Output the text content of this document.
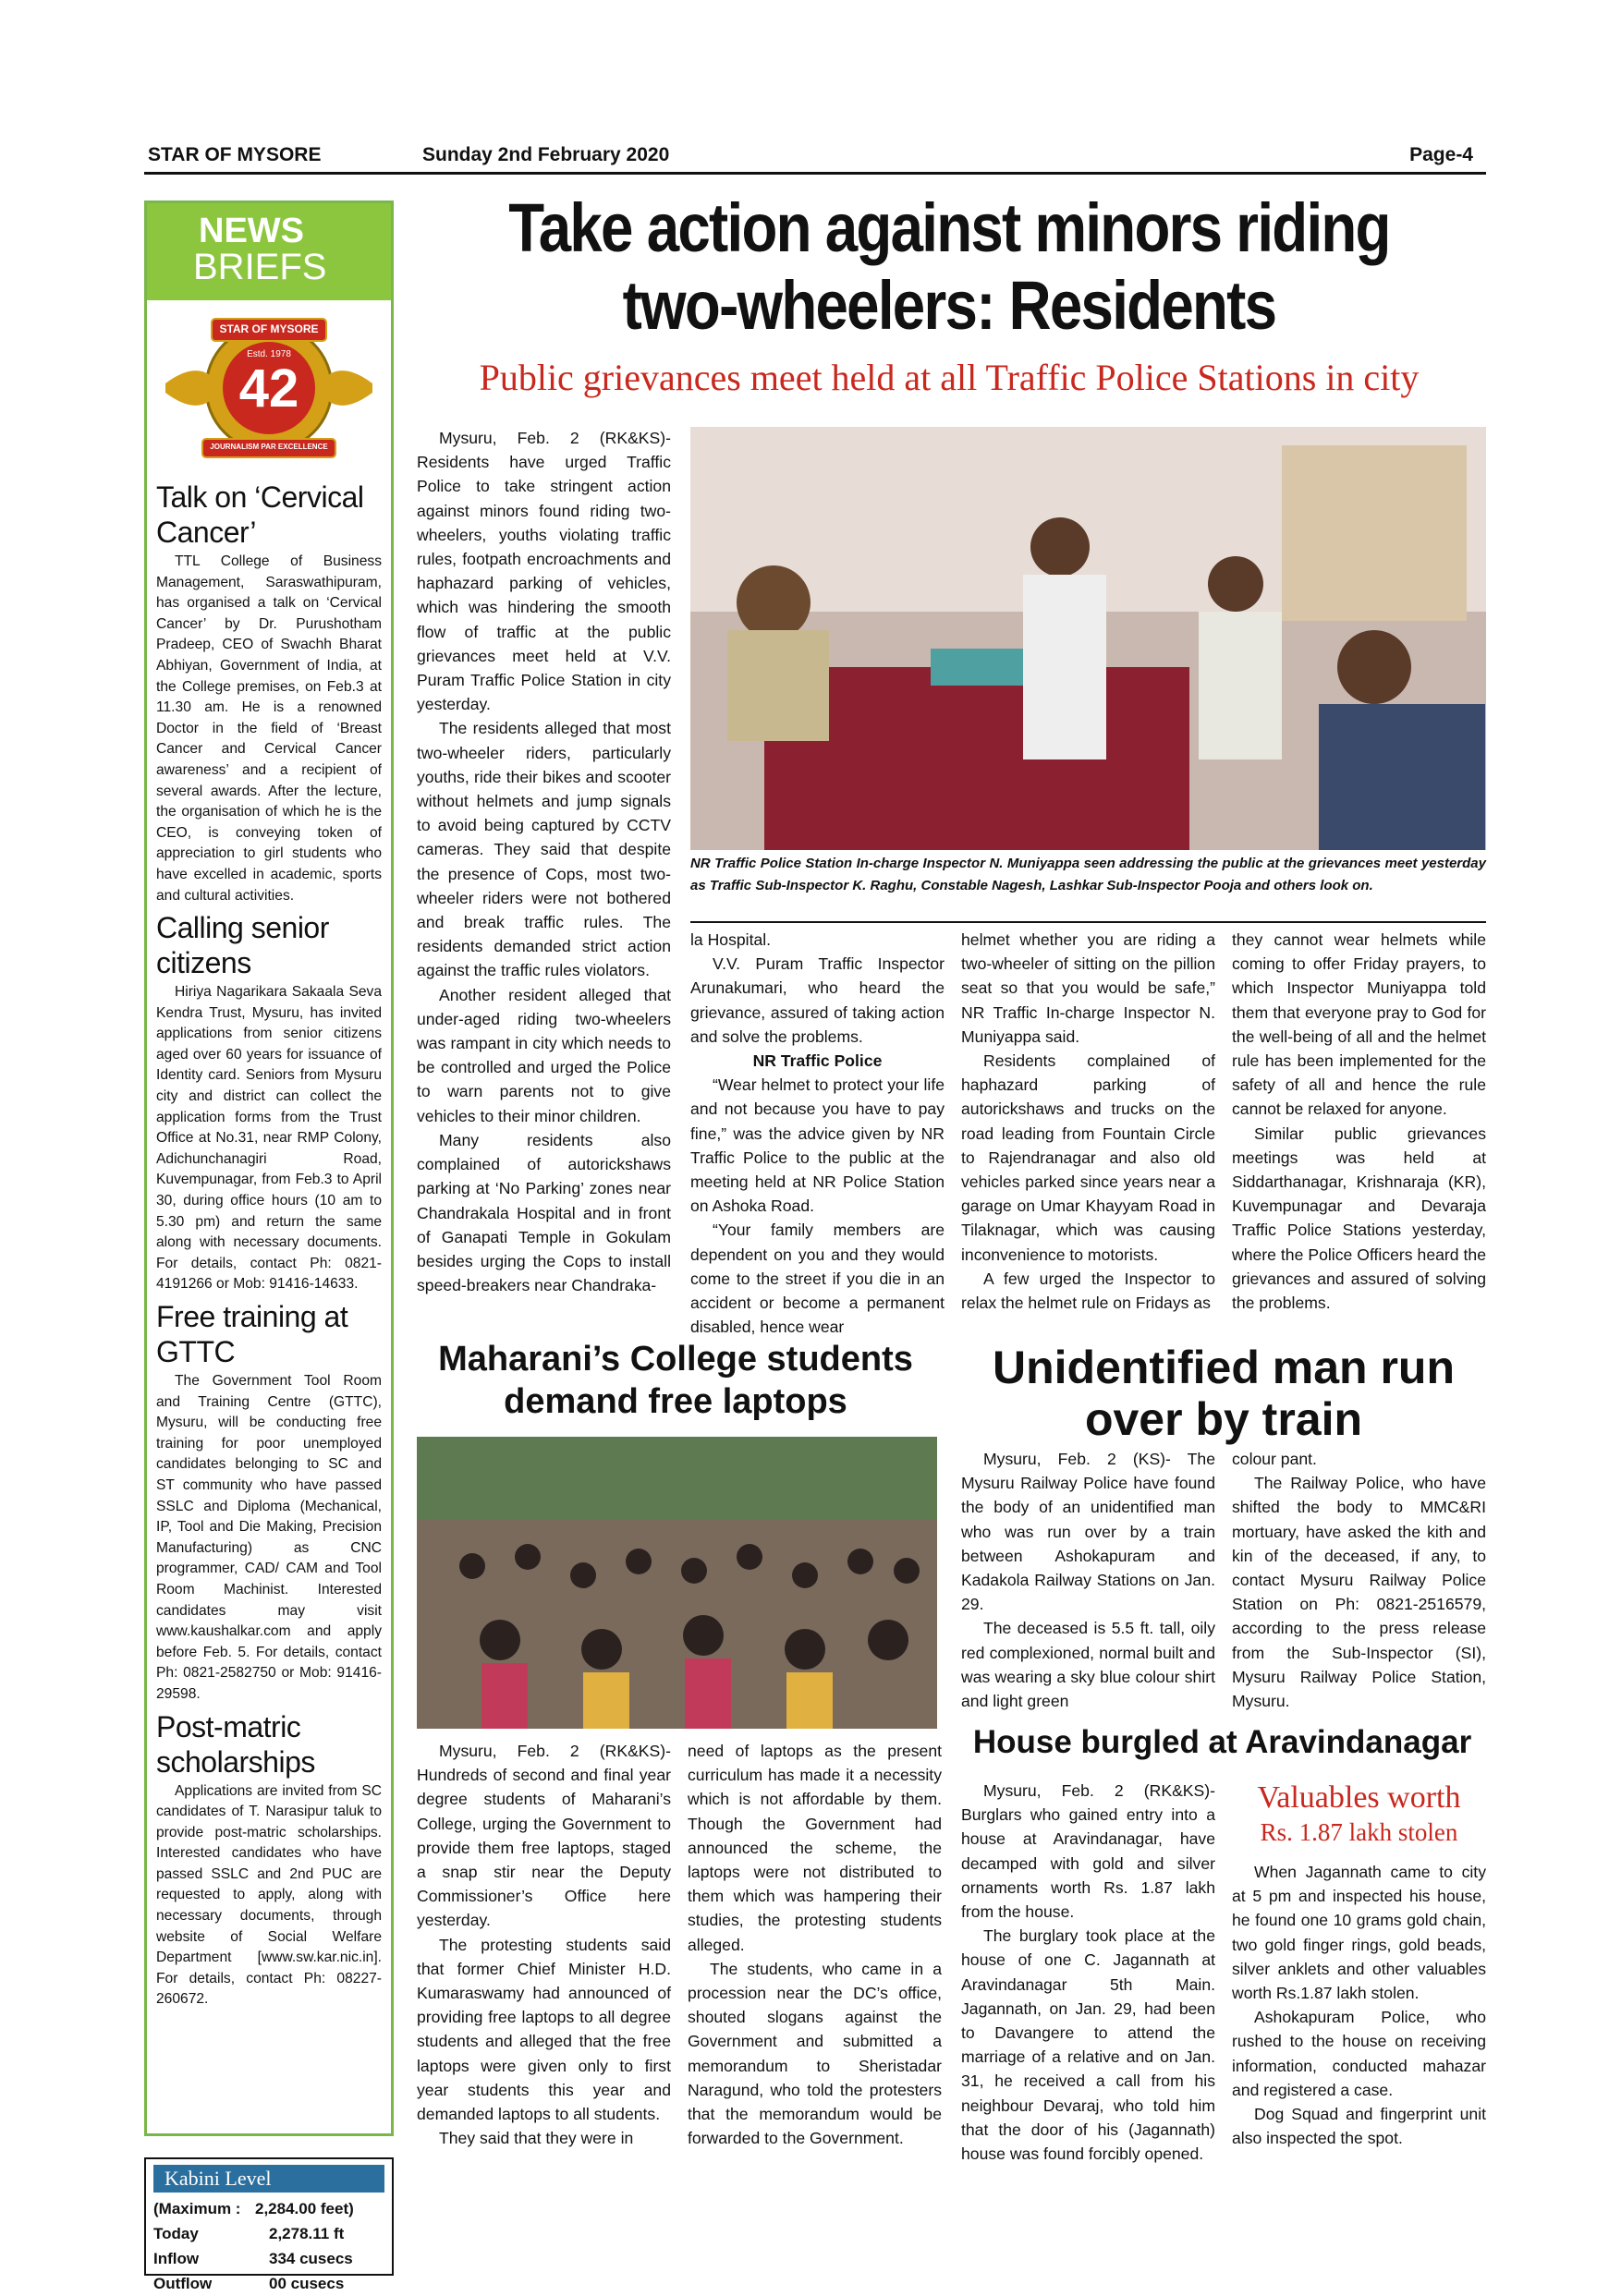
STAR OF MYSORE	Sunday 2nd February 2020	Page-4
NEWS
BRIEFS
STAR OF MYSORE
Estd. 1978
42
JOURNALISM PAR EXCELLENCE
Talk on ‘Cervical Cancer’

TTL College of Business Management, Saraswathipuram, has organised a talk on ‘Cervical Cancer’ by Dr. Purushotham Pradeep, CEO of Swachh Bharat Abhiyan, Government of India, at the College premises, on Feb.3 at 11.30 am. He is a renowned Doctor in the field of ‘Breast Cancer and Cervical Cancer awareness’ and a recipient of several awards. After the lecture, the organisation of which he is the CEO, is conveying token of appreciation to girl students who have excelled in academic, sports and cultural activities.

Calling senior citizens

Hiriya Nagarikara Sakaala Seva Kendra Trust, Mysuru, has invited applications from senior citizens aged over 60 years for issuance of Identity card. Seniors from Mysuru city and district can collect the application forms from the Trust Office at No.31, near RMP Colony, Adichunchanagiri Road, Kuvempunagar, from Feb.3 to April 30, during office hours (10 am to 5.30 pm) and return the same along with necessary documents. For details, contact Ph: 0821-4191266 or Mob: 91416-14633.

Free training at GTTC

The Government Tool Room and Training Centre (GTTC), Mysuru, will be conducting free training for poor unemployed candidates belonging to SC and ST community who have passed SSLC and Diploma (Mechanical, IP, Tool and Die Making, Precision Manufacturing) as CNC programmer, CAD/ CAM and Tool Room Machinist. Interested candidates may visit www.kaushalkar.com and apply before Feb. 5. For details, contact Ph: 0821-2582750 or Mob: 91416-29598.

Post-matric scholarships

Applications are invited from SC candidates of T. Narasipur taluk to provide post-matric scholarships. Interested candidates who have passed SSLC and 2nd PUC are requested to apply, along with necessary documents, through website of Social Welfare Department [www.sw.kar.nic.in]. For details, contact Ph: 08227-260672.

Kabini Level
(Maximum : 2,284.00 feet)
Today	2,278.11 ft
Inflow	334 cusecs
Outflow	00 cusecs
Take action against minors riding
two-wheelers: Residents
Public grievances meet held at all Traffic Police Stations in city
NR Traffic Police Station In-charge Inspector N. Muniyappa seen addressing the public at the grievances meet yesterday as Traffic Sub-Inspector K. Raghu, Constable Nagesh, Lashkar Sub-Inspector Pooja and others look on.

Mysuru, Feb. 2 (RK&KS)- Residents have urged Traffic Police to take stringent action against minors found riding two-wheelers, youths violating traffic rules, footpath encroachments and haphazard parking of vehicles, which was hindering the smooth flow of traffic at the public grievances meet held at V.V. Puram Traffic Police Station in city yesterday.

The residents alleged that most two-wheeler riders, particularly youths, ride their bikes and scooter without helmets and jump signals to avoid being captured by CCTV cameras. They said that despite the presence of Cops, most two-wheeler riders were not bothered and break traffic rules. The residents demanded strict action against the traffic rules violators.

Another resident alleged that under-aged riding two-wheelers was rampant in city which needs to be controlled and urged the Police to warn parents not to give vehicles to their minor children.

Many residents also complained of autorickshaws parking at ‘No Parking’ zones near Chandrakala Hospital and in front of Ganapati Temple in Gokulam besides urging the Cops to install speed-breakers near Chandraka-

la Hospital.

V.V. Puram Traffic Inspector Arunakumari, who heard the grievance, assured of taking action and solve the problems.

NR Traffic Police

“Wear helmet to protect your life and not because you have to pay fine,” was the advice given by NR Traffic Police to the public at the meeting held at NR Police Station on Ashoka Road.

“Your family members are dependent on you and they would come to the street if you die in an accident or become a permanent disabled, hence wear

helmet whether you are riding a two-wheeler of sitting on the pillion seat so that you would be safe,” NR Traffic In-charge Inspector N. Muniyappa said.

Residents complained of haphazard parking of autorickshaws and trucks on the road leading from Fountain Circle to Rajendranagar and also old vehicles parked since years near a garage on Umar Khayyam Road in Tilaknagar, which was causing inconvenience to motorists.

A few urged the Inspector to relax the helmet rule on Fridays as

they cannot wear helmets while coming to offer Friday prayers, to which Inspector Muniyappa told them that everyone pray to God for the well-being of all and the helmet rule has been implemented for the safety of all and hence the rule cannot be relaxed for anyone.

Similar public grievances meetings was held at Siddarthanagar, Krishnaraja (KR), Kuvempunagar and Devaraja Traffic Police Stations yesterday, where the Police Officers heard the grievances and assured of solving the problems.

Maharani’s College students
demand free laptops

Mysuru, Feb. 2 (RK&KS)- Hundreds of second and final year degree students of Maharani’s College, urging the Government to provide them free laptops, staged a snap stir near the Deputy Commissioner’s Office here yesterday.

The protesting students said that former Chief Minister H.D. Kumaraswamy had announced of providing free laptops to all degree students and alleged that the free laptops were given only to first year students this year and demanded laptops to all students.

They said that they were in

need of laptops as the present curriculum has made it a necessity which is not affordable by them. Though the Government had announced the scheme, the laptops were not distributed to them which was hampering their studies, the protesting students alleged.

The students, who came in a procession near the DC’s office, shouted slogans against the Government and submitted a memorandum to Sheristadar Naragund, who told the protesters that the memorandum would be forwarded to the Government.

Unidentified man run
over by train

Mysuru, Feb. 2 (KS)- The Mysuru Railway Police have found the body of an unidentified man who was run over by a train between Ashokapuram and Kadakola Railway Stations on Jan. 29.

The deceased is 5.5 ft. tall, oily red complexioned, normal built and was wearing a sky blue colour shirt and light green

colour pant.

The Railway Police, who have shifted the body to MMC&RI mortuary, have asked the kith and kin of the deceased, if any, to contact Mysuru Railway Police Station on Ph: 0821-2516579, according to the press release from the Sub-Inspector (SI), Mysuru Railway Police Station, Mysuru.

House burgled at Aravindanagar

Mysuru, Feb. 2 (RK&KS)- Burglars who gained entry into a house at Aravindanagar, have decamped with gold and silver ornaments worth Rs. 1.87 lakh from the house.

The burglary took place at the house of one C. Jagannath at Aravindanagar 5th Main. Jagannath, on Jan. 29, had been to Davangere to attend the marriage of a relative and on Jan. 31, he received a call from his neighbour Devaraj, who told him that the door of his (Jagannath) house was found forcibly opened.

Valuables worth
Rs. 1.87 lakh stolen

When Jagannath came to city at 5 pm and inspected his house, he found one 10 grams gold chain, two gold finger rings, gold beads, silver anklets and other valuables worth Rs.1.87 lakh stolen.

Ashokapuram Police, who rushed to the house on receiving information, conducted mahazar and registered a case.

Dog Squad and fingerprint unit also inspected the spot.
